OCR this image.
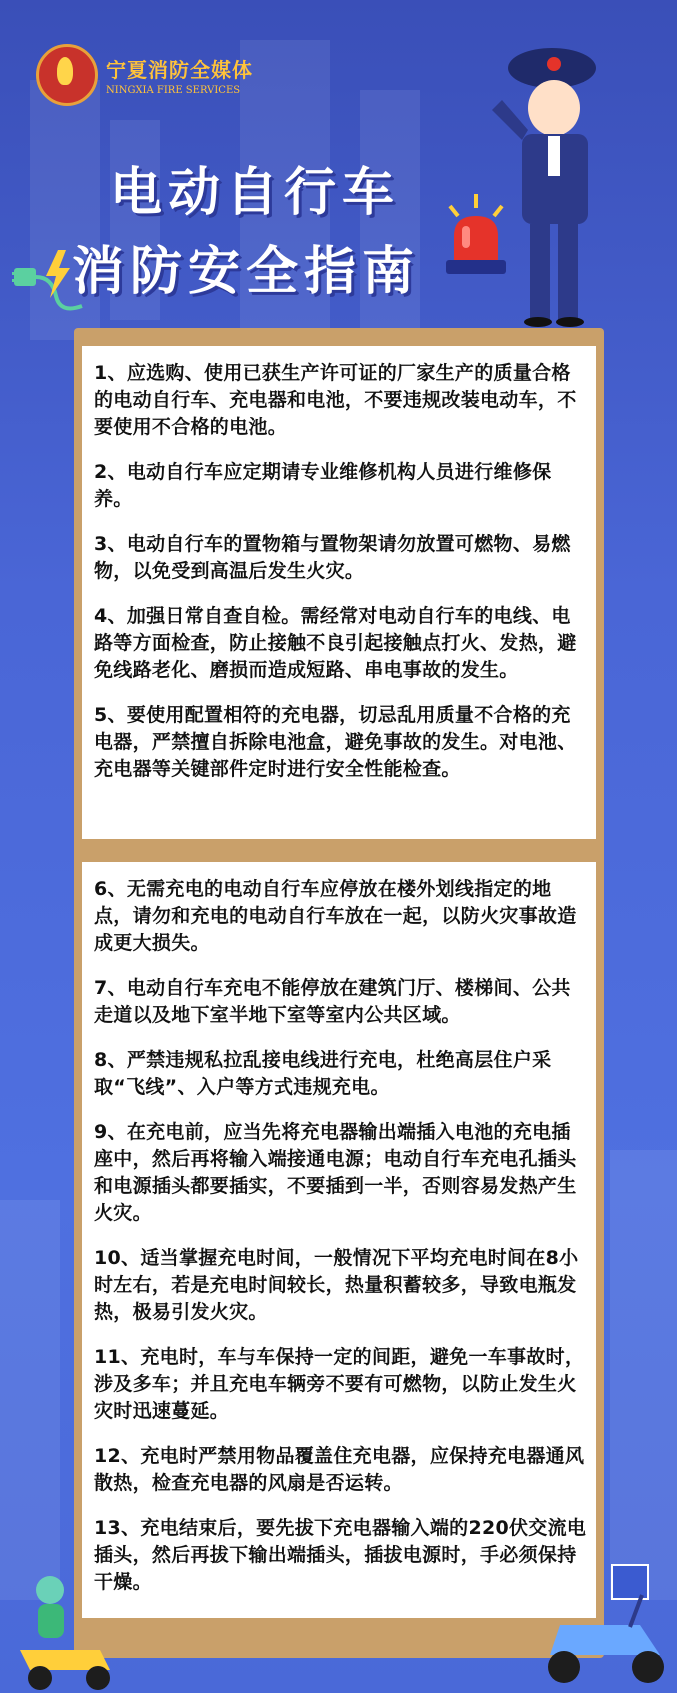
宁夏消防全媒体
NINGXIA FIRE SERVICES
电动自行车
消防安全指南
1、应选购、使用已获生产许可证的厂家生产的质量合格的电动自行车、充电器和电池，不要违规改装电动车，不要使用不合格的电池。
2、电动自行车应定期请专业维修机构人员进行维修保养。
3、电动自行车的置物箱与置物架请勿放置可燃物、易燃物，以免受到高温后发生火灾。
4、加强日常自查自检。需经常对电动自行车的电线、电路等方面检查，防止接触不良引起接触点打火、发热，避免线路老化、磨损而造成短路、串电事故的发生。
5、要使用配置相符的充电器，切忌乱用质量不合格的充电器，严禁擅自拆除电池盒，避免事故的发生。对电池、充电器等关键部件定时进行安全性能检查。
6、无需充电的电动自行车应停放在楼外划线指定的地点，请勿和充电的电动自行车放在一起，以防火灾事故造成更大损失。
7、电动自行车充电不能停放在建筑门厅、楼梯间、公共走道以及地下室半地下室等室内公共区域。
8、严禁违规私拉乱接电线进行充电，杜绝高层住户采取“飞线”、入户等方式违规充电。
9、在充电前，应当先将充电器输出端插入电池的充电插座中，然后再将输入端接通电源；电动自行车充电孔插头和电源插头都要插实，不要插到一半，否则容易发热产生火灾。
10、适当掌握充电时间，一般情况下平均充电时间在8小时左右，若是充电时间较长，热量积蓄较多，导致电瓶发热，极易引发火灾。
11、充电时，车与车保持一定的间距，避免一车事故时，涉及多车；并且充电车辆旁不要有可燃物，以防止发生火灾时迅速蔓延。
12、充电时严禁用物品覆盖住充电器，应保持充电器通风散热，检查充电器的风扇是否运转。
13、充电结束后，要先拔下充电器输入端的220伏交流电插头，然后再拔下输出端插头，插拔电源时，手必须保持干燥。
